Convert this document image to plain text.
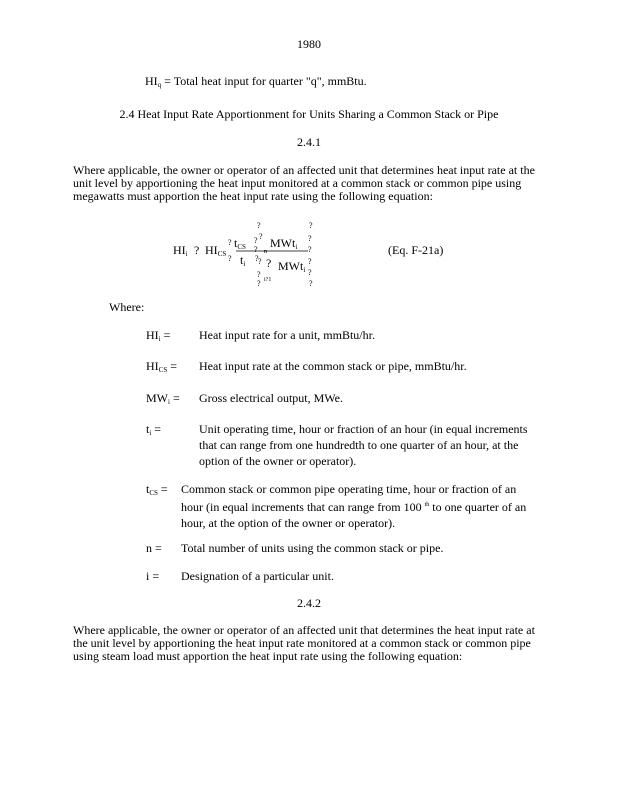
1980
$HI_q$ = Total heat input for quarter "q", mmBtu.
2.4 Heat Input Rate Apportionment for Units Sharing a Common Stack or Pipe
2.4.1
Where applicable, the owner or operator of an affected unit that determines heat input rate at the unit level by apportioning the heat input monitored at a common stack or common pipe using megawatts must apportion the heat input rate using the following equation:
?	?
$HI_i$ ? $HI_{CS}$
? $t_{CS}$
? ?
?
? $t_i$
?
MWt$_i$
?
?
n
? ? MWt$_i$
?
?
?
i?1
?	?
(Eq. F-21a)
Where:
$HI_i$ = Heat input rate for a unit, mmBtu/hr.
$HI_{CS}$ = Heat input rate at the common stack or pipe, mmBtu/hr.
$MW_i$ = Gross electrical output, MWe.
$t_i$ =	Unit operating time, hour or fraction of an hour (in equal increments that can range from one hundredth to one quarter of an hour, at the option of the owner or operator).
$t_{CS}$ = Common stack or common pipe operating time, hour or fraction of an hour (in equal increments that can range from 100 $^{th}$ to one quarter of an hour, at the option of the owner or operator).
n = Total number of units using the common stack or pipe.
i = Designation of a particular unit.
2.4.2
Where applicable, the owner or operator of an affected unit that determines the heat input rate at the unit level by apportioning the heat input rate monitored at a common stack or common pipe using steam load must apportion the heat input rate using the following equation:
